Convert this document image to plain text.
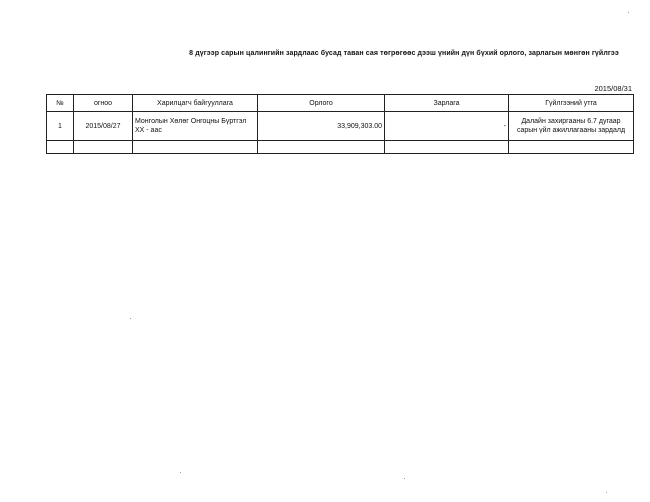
8 дүгээр сарын цалингийн зардлаас бусад таван сая төгрөгөөс дээш үнийн дүн бүхий орлого, зарлагын мөнгөн гүйлгээ
2015/08/31
№	огноо	Харилцагч байгууллага	Орлого	Зарлага	Гүйлгээний утга
1	2015/08/27	Монголын Хөлөг Онгоцны Бүртгэл ХХ - аас	33,909,303.00	-	Далайн захиргааны 6.7 дугаар сарын үйл ажиллагааны зардалд
